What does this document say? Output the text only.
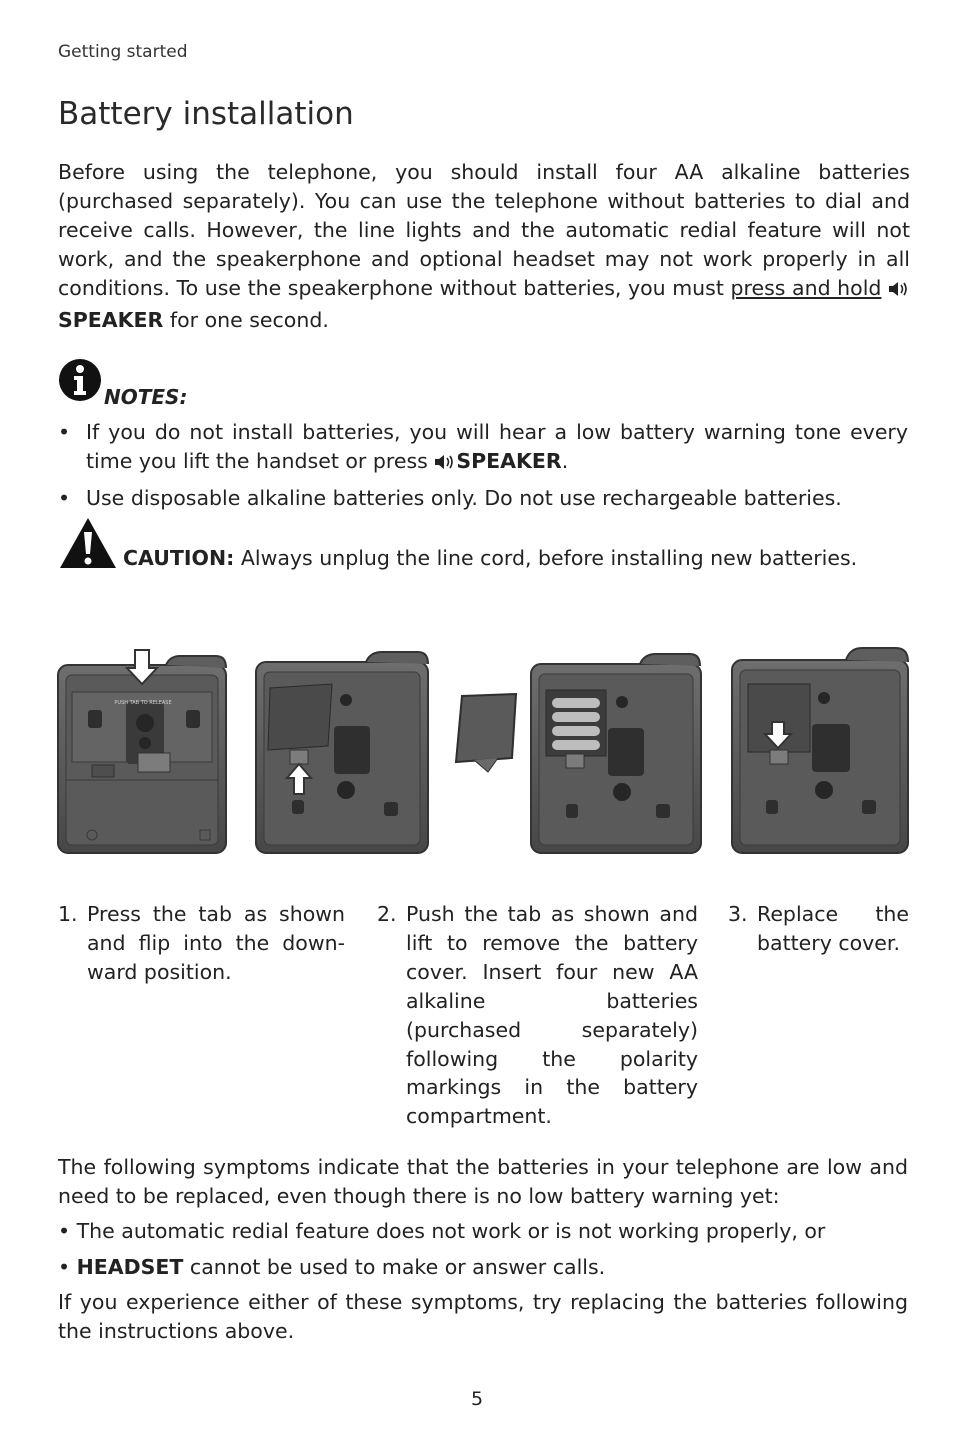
Getting started
Battery installation
Before using the telephone, you should install four AA alkaline batteries (purchased separately). You can use the telephone without batteries to dial and receive calls. However, the line lights and the automatic redial feature will not work, and the speakerphone and optional headset may not work properly in all conditions. To use the speakerphone without batteries, you must press and hold SPEAKER for one second.
NOTES:
• If you do not install batteries, you will hear a low battery warning tone every time you lift the handset or press SPEAKER.
• Use disposable alkaline batteries only. Do not use rechargeable batteries.
CAUTION: Always unplug the line cord, before installing new batteries.
PUSH TAB TO RELEASE
1. Press the tab as shown and flip into the down-ward position.
2. Push the tab as shown and lift to remove the battery cover. Insert four new AA alkaline batteries (purchased separately) following the polarity markings in the battery compartment.
3. Replace the battery cover.
The following symptoms indicate that the batteries in your telephone are low and need to be replaced, even though there is no low battery warning yet:
• The automatic redial feature does not work or is not working properly, or
• HEADSET cannot be used to make or answer calls.
If you experience either of these symptoms, try replacing the batteries following the instructions above.
5
